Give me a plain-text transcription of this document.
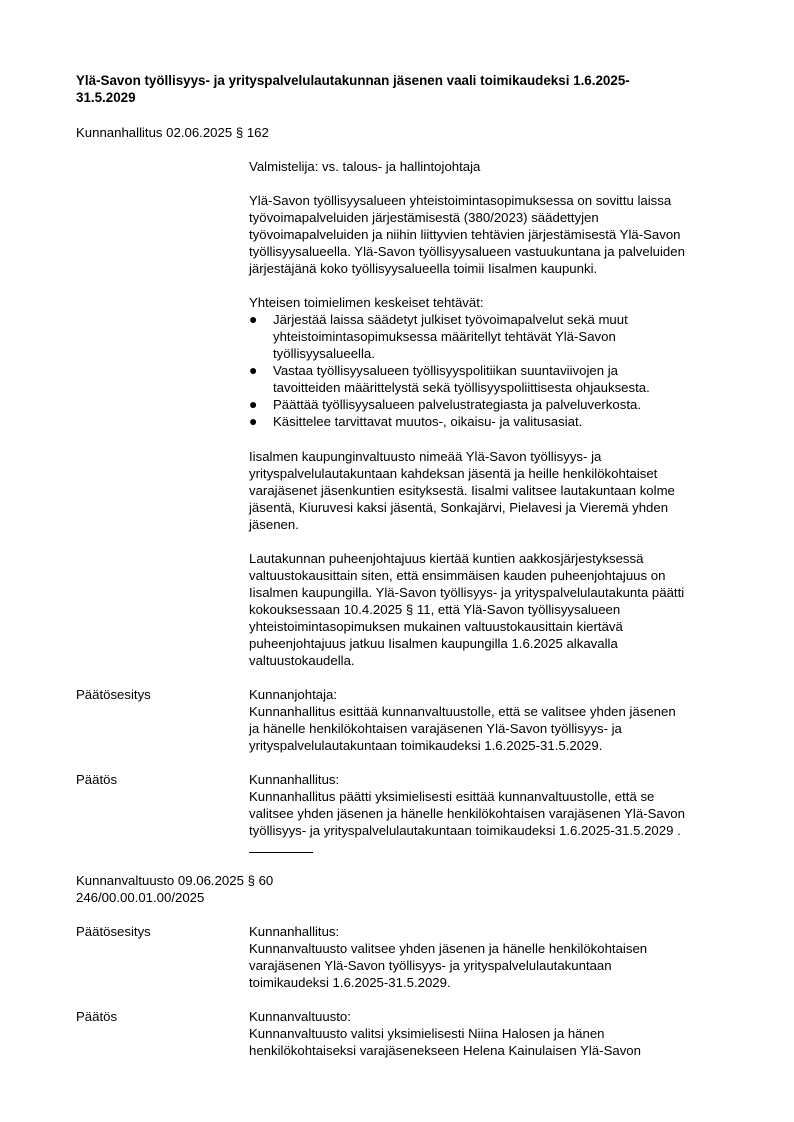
Ylä-Savon työllisyys- ja yrityspalvelulautakunnan jäsenen vaali toimikaudeksi 1.6.2025-
31.5.2029

Kunnanhallitus 02.06.2025 § 162

Valmistelija: vs. talous- ja hallintojohtaja

Ylä-Savon työllisyysalueen yhteistoimintasopimuksessa on sovittu laissa

työvoimapalveluiden järjestämisestä (380/2023) säädettyjen

työvoimapalveluiden ja niihin liittyvien tehtävien järjestämisestä Ylä-Savon

työllisyysalueella. Ylä-Savon työllisyysalueen vastuukuntana ja palveluiden

järjestäjänä koko työllisyysalueella toimii Iisalmen kaupunki.

Yhteisen toimielimen keskeiset tehtävät:

● Järjestää laissa säädetyt julkiset työvoimapalvelut sekä muut
yhteistoimintasopimuksessa määritellyt tehtävät Ylä-Savon
työllisyysalueella.
● Vastaa työllisyysalueen työllisyyspolitiikan suuntaviivojen ja
tavoitteiden määrittelystä sekä työllisyyspoliittisesta ohjauksesta.
● Päättää työllisyysalueen palvelustrategiasta ja palveluverkosta.
● Käsittelee tarvittavat muutos-, oikaisu- ja valitusasiat.

Iisalmen kaupunginvaltuusto nimeää Ylä-Savon työllisyys- ja

yrityspalvelulautakuntaan kahdeksan jäsentä ja heille henkilökohtaiset

varajäsenet jäsenkuntien esityksestä. Iisalmi valitsee lautakuntaan kolme

jäsentä, Kiuruvesi kaksi jäsentä, Sonkajärvi, Pielavesi ja Vieremä yhden

jäsenen.

Lautakunnan puheenjohtajuus kiertää kuntien aakkosjärjestyksessä

valtuustokausittain siten, että ensimmäisen kauden puheenjohtajuus on

Iisalmen kaupungilla. Ylä-Savon työllisyys- ja yrityspalvelulautakunta päätti

kokouksessaan 10.4.2025 § 11, että Ylä-Savon työllisyysalueen

yhteistoimintasopimuksen mukainen valtuustokausittain kiertävä

puheenjohtajuus jatkuu Iisalmen kaupungilla 1.6.2025 alkavalla

valtuustokaudella.

Päätösesitys	Kunnanjohtaja:

Kunnanhallitus esittää kunnanvaltuustolle, että se valitsee yhden jäsenen

ja hänelle henkilökohtaisen varajäsenen Ylä-Savon työllisyys- ja

yrityspalvelulautakuntaan toimikaudeksi 1.6.2025-31.5.2029.

Päätös	Kunnanhallitus:

Kunnanhallitus päätti yksimielisesti esittää kunnanvaltuustolle, että se

valitsee yhden jäsenen ja hänelle henkilökohtaisen varajäsenen Ylä-Savon

työllisyys- ja yrityspalvelulautakuntaan toimikaudeksi 1.6.2025-31.5.2029 .

Kunnanvaltuusto 09.06.2025 § 60
246/00.00.01.00/2025

Päätösesitys	Kunnanhallitus:

Kunnanvaltuusto valitsee yhden jäsenen ja hänelle henkilökohtaisen

varajäsenen Ylä-Savon työllisyys- ja yrityspalvelulautakuntaan

toimikaudeksi 1.6.2025-31.5.2029.

Päätös	Kunnanvaltuusto:

Kunnanvaltuusto valitsi yksimielisesti Niina Halosen ja hänen

henkilökohtaiseksi varajäsenekseen Helena Kainulaisen Ylä-Savon
